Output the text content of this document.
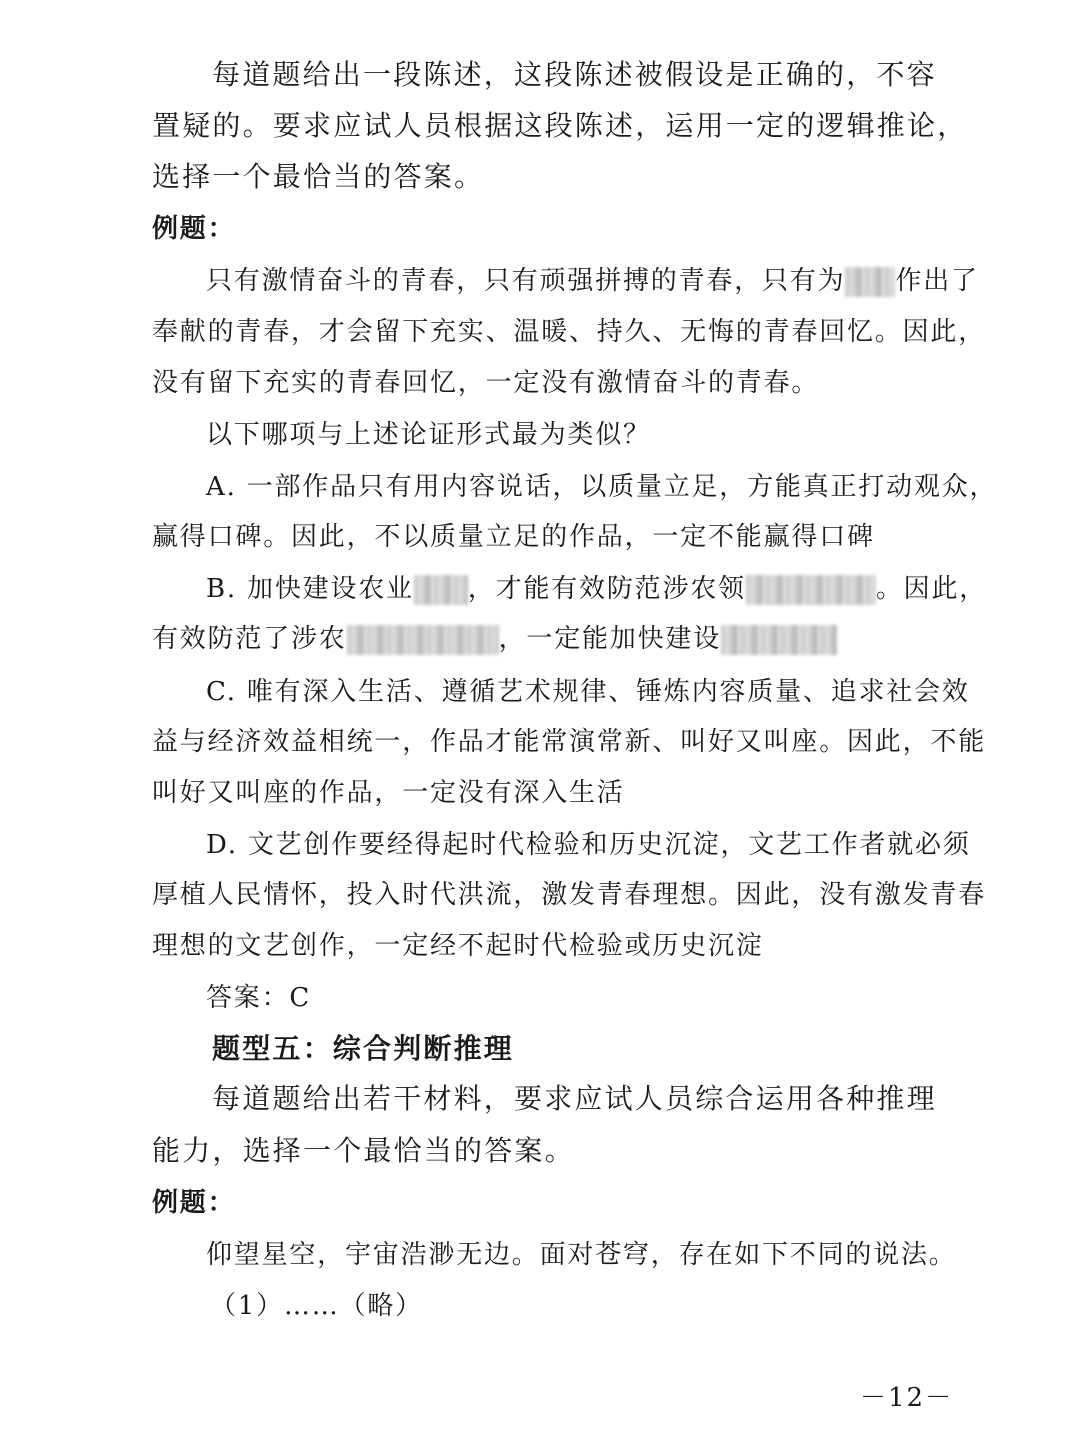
每道题给出一段陈述，这段陈述被假设是正确的，不容
置疑的。要求应试人员根据这段陈述，运用一定的逻辑推论，
选择一个最恰当的答案。
例题：
只有激情奋斗的青春，只有顽强拼搏的青春，只有为 作出了
奉献的青春，才会留下充实、温暖、持久、无悔的青春回忆。因此，
没有留下充实的青春回忆，一定没有激情奋斗的青春。
以下哪项与上述论证形式最为类似？
A. 一部作品只有用内容说话，以质量立足，方能真正打动观众，
赢得口碑。因此，不以质量立足的作品，一定不能赢得口碑
B. 加快建设农业 ，才能有效防范涉农领	。因此，
有效防范了涉农	，一定能加快建设
C. 唯有深入生活、遵循艺术规律、锤炼内容质量、追求社会效
益与经济效益相统一，作品才能常演常新、叫好又叫座。因此，不能
叫好又叫座的作品，一定没有深入生活
D. 文艺创作要经得起时代检验和历史沉淀，文艺工作者就必须
厚植人民情怀，投入时代洪流，激发青春理想。因此，没有激发青春
理想的文艺创作，一定经不起时代检验或历史沉淀
答案：C
题型五：综合判断推理
每道题给出若干材料，要求应试人员综合运用各种推理
能力，选择一个最恰当的答案。
例题：
仰望星空，宇宙浩渺无边。面对苍穹，存在如下不同的说法。
（1）……（略）
－12－
